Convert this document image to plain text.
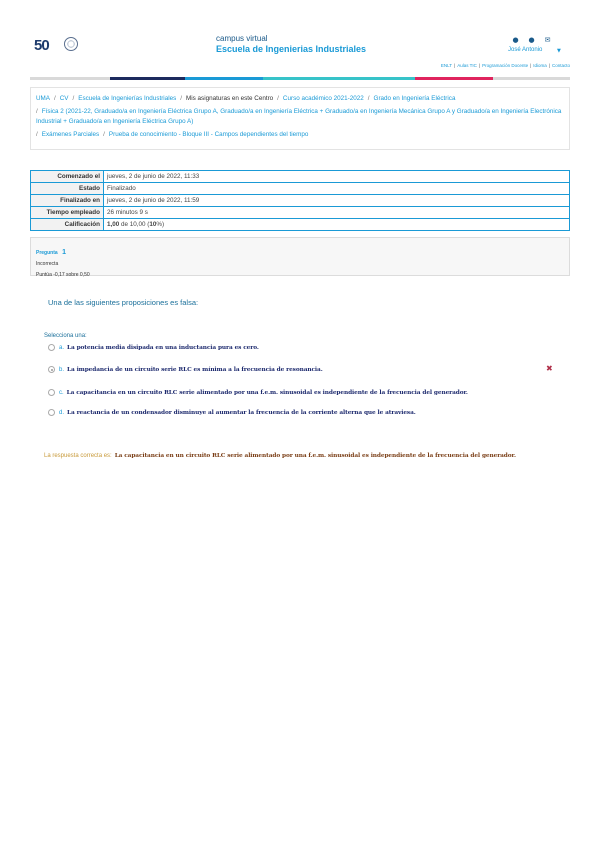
50	campus virtual
Escuela de Ingenierias Industriales
● ● ✉
José Antonio	▼
ENLT | Aulas TIC | Programación Docente | Idioma | Contacto
UMA / CV / Escuela de Ingenierías Industriales / Mis asignaturas en este Centro / Curso académico 2021-2022 / Grado en Ingeniería Eléctrica
/ Física 2 (2021-22, Graduado/a en Ingeniería Eléctrica Grupo A, Graduado/a en Ingeniería Eléctrica + Graduado/a en Ingeniería Mecánica Grupo A y Graduado/a en Ingeniería Electrónica Industrial + Graduado/a en Ingeniería Eléctrica Grupo A)
/ Exámenes Parciales / Prueba de conocimiento - Bloque III - Campos dependientes del tiempo
Comenzado el	jueves, 2 de junio de 2022, 11:33
Estado	Finalizado
Finalizado en	jueves, 2 de junio de 2022, 11:59
Tiempo empleado	26 minutos 9 s
Calificación	1,00 de 10,00 (10%)
Pregunta 1
Incorrecta
Puntúa -0,17 sobre 0,50
Una de las siguientes proposiciones es falsa:
Selecciona una:
a. La potencia media disipada en una inductancia pura es cero.
b. La impedancia de un circuito serie RLC es mínima a la frecuencia de resonancia.
c. La capacitancia en un circuito RLC serie alimentado por una f.e.m. sinusoidal es independiente de la frecuencia del generador.
d. La reactancia de un condensador disminuye al aumentar la frecuencia de la corriente alterna que le atraviesa.
✖
La respuesta correcta es: La capacitancia en un circuito RLC serie alimentado por una f.e.m. sinusoidal es independiente de la frecuencia del generador.
